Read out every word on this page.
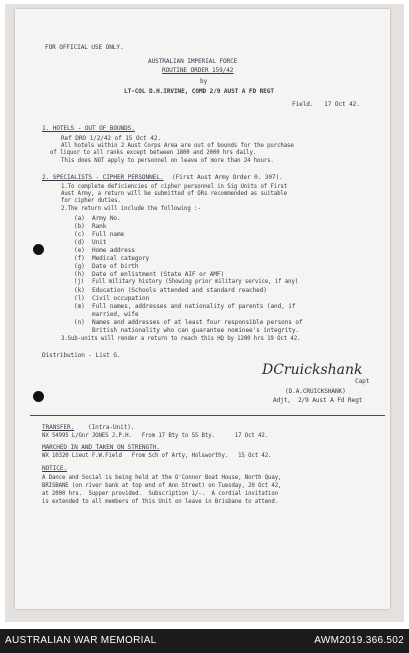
FOR OFFICIAL USE ONLY.
AUSTRALIAN IMPERIAL FORCE
ROUTINE ORDER 159/42
by
LT-COL D.H.IRVINE, COMD 2/9 AUST A FD REGT
Field.   17 Oct 42.
1. HOTELS - OUT OF BOUNDS.
Ref DRO 1/2/42 of 15 Oct 42.
All hotels within 2 Aust Corps Area are out of bounds for the purchase
of liquor to all ranks except between 1800 and 2000 hrs daily.
This does NOT apply to personnel on leave of more than 24 hours.
2. SPECIALISTS - CIPHER PERSONNEL. (First Aust Army Order 0. 307).
1.To complete deficiencies of cipher personnel in Sig Units of First
Aust Army, a return will be submitted of ORs recommended as suitable
for cipher duties.
2.The return will include the following :-
(a) Army No.
(b) Rank
(c) Full name
(d) Unit
(e) Home address
(f) Medical category
(g) Date of birth
(h) Date of enlistment (State AIF or AMF)
(j) Full military history (Showing prior military service, if any)
(k) Education (Schools attended and standard reached)
(l) Civil occupation
(m) Full names, addresses and nationality of parents (and, if
married, wife
(n) Names and addresses of at least four responsible persons of
British nationality who can guarantee nominee's integrity.
3.Sub-units will render a return to reach this HQ by 1200 hrs 19 Oct 42.
Distribution - List G.
DCruickshank
Capt
(D.A.CRUICKSHANK)
Adjt,  2/9 Aust A Fd Regt
TRANSFER. (Intra-Unit).
NX 54995 L/Gnr JONES J.P.H.   From 17 Bty to 55 Bty.      17 Oct 42.
MARCHED IN AND TAKEN ON STRENGTH.
WX 10320 Lieut F.W.Field   From Sch of Arty, Holsworthy.   15 Oct 42.
NOTICE.
A Dance and Social is being held at the O'Connor Boat House, North Quay,
BRISBANE (on river bank at top end of Ann Street) on Tuesday, 20 Oct 42,
at 2000 hrs.  Supper provided.  Subscription 1/-.  A cordial invitation
is extended to all members of this Unit on leave in Brisbane to attend.
AUSTRALIAN WAR MEMORIAL	AWM2019.366.502
